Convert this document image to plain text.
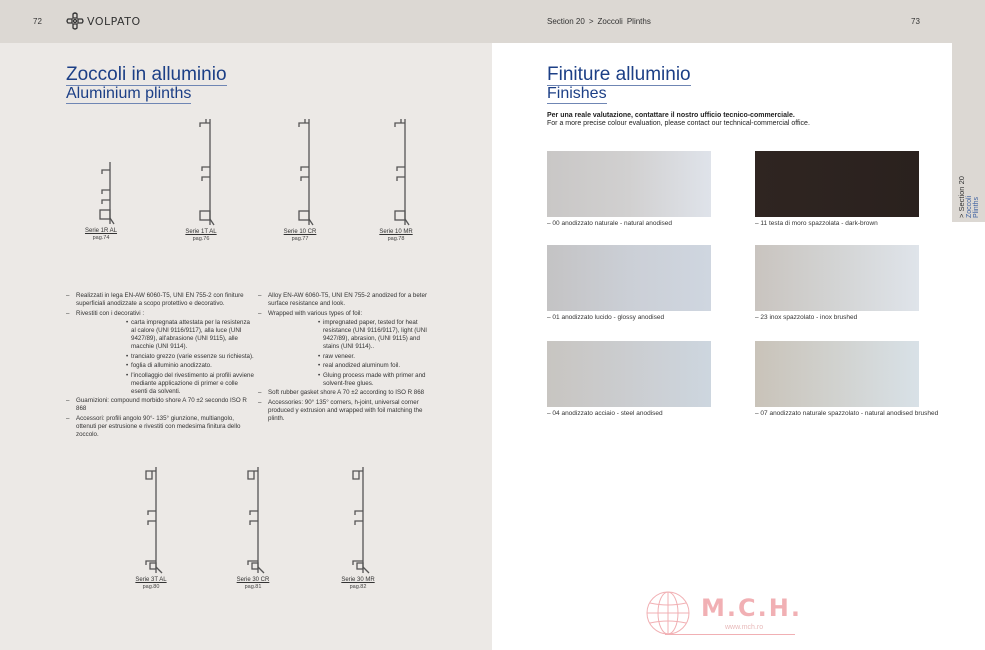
72	VOLPATO	Section 20 > Zoccoli Plinths	73
> Section 20 Zoccoli Plinths
Zoccoli in alluminio
Aluminium plinths
Serie 1R AL
pag.74
Serie 1T AL
pag.76
Serie 10 CR
pag.77
Serie 10 MR
pag.78
– Realizzati in lega EN-AW 6060-T5, UNI EN 755-2 con finiture superficiali anodizzate a scopo protettivo e decorativo.
– Rivestiti con i decorativi :
• carta impregnata attestata per la resistenza al calore (UNI 9116/9117), alla luce (UNI 9427/89), all'abrasione (UNI 9115), alle macchie (UNI 9114).
• tranciato grezzo (varie essenze su richiesta).
• foglia di alluminio anodizzato.
• l'incollaggio del rivestimento ai profili avviene mediante applicazione di primer e colle esenti da solventi.
– Guarnizioni: compound morbido shore A 70 ±2 secondo ISO R 868
– Accessori: profili angolo 90°- 135° giunzione, multiangolo, ottenuti per estrusione e rivestiti con medesima finitura dello zoccolo.
– Alloy EN-AW 6060-T5, UNI EN 755-2 anodized for a beter surface resistance and look.
– Wrapped with various types of foil:
• impregnated paper, tested for heat resistance (UNI 9116/9117), light (UNI 9427/89), abrasion, (UNI 9115) and stains (UNI 9114)..
• raw veneer.
• real anodized aluminum foil.
• Gluing process made with primer and solvent-free glues.
– Soft rubber gasket shore A 70 ±2 according to ISO R 868
– Accessories: 90° 135° corners, h-joint, universal corner produced y extrusion and wrapped with foil matching the plinth.
Serie 3T AL
pag.80
Serie 30 CR
pag.81
Serie 30 MR
pag.82
Finiture alluminio
Finishes
Per una reale valutazione, contattare il nostro ufficio tecnico-commerciale.
For a more precise colour evaluation, please contact our technical-commercial office.
– 00 anodizzato naturale - natural anodised	– 11 testa di moro spazzolata - dark-brown
– 01 anodizzato lucido - glossy anodised	– 23 inox spazzolato - inox brushed
– 04 anodizzato acciaio - steel anodised	– 07 anodizzato naturale spazzolato - natural anodised brushed
M.C.H.
www.mch.ro
